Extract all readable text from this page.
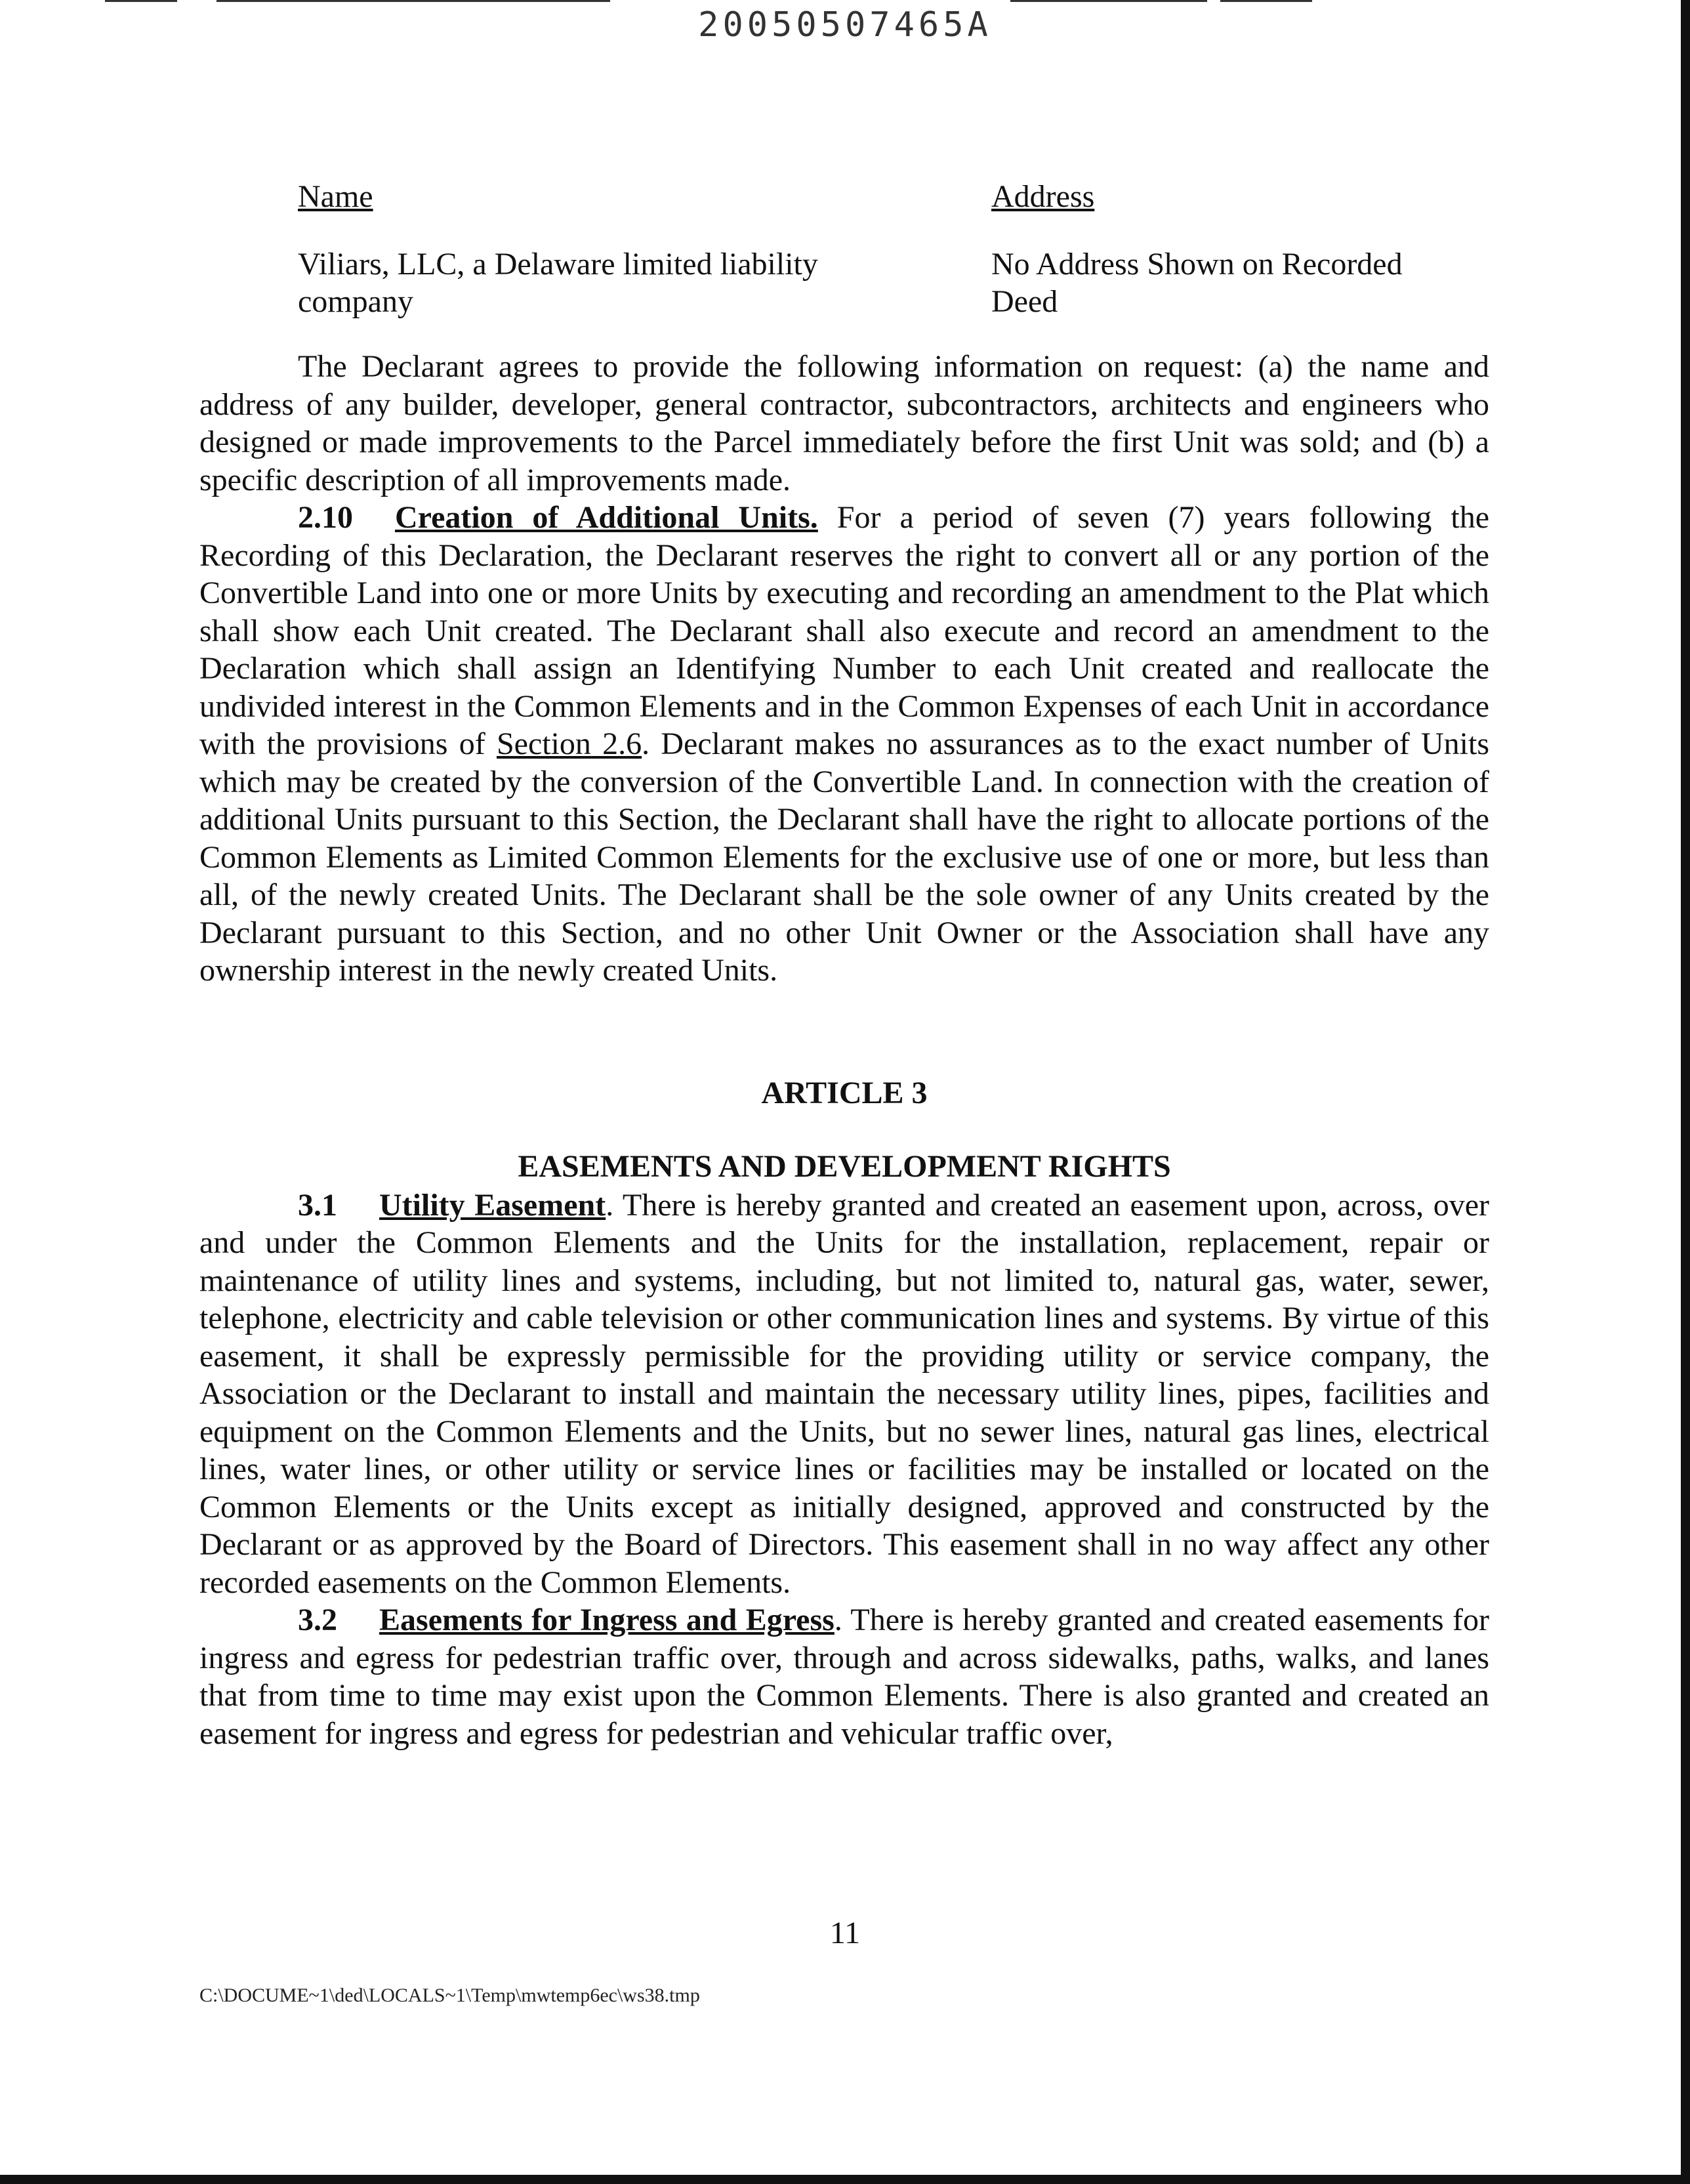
20050507465A
Name
Viliars, LLC, a Delaware limited liability company
Address
No Address Shown on Recorded Deed

The Declarant agrees to provide the following information on request: (a) the name and address of any builder, developer, general contractor, subcontractors, architects and engineers who designed or made improvements to the Parcel immediately before the first Unit was sold; and (b) a specific description of all improvements made.

2.10 Creation of Additional Units. For a period of seven (7) years following the Recording of this Declaration, the Declarant reserves the right to convert all or any portion of the Convertible Land into one or more Units by executing and recording an amendment to the Plat which shall show each Unit created. The Declarant shall also execute and record an amendment to the Declaration which shall assign an Identifying Number to each Unit created and reallocate the undivided interest in the Common Elements and in the Common Expenses of each Unit in accordance with the provisions of Section 2.6. Declarant makes no assurances as to the exact number of Units which may be created by the conversion of the Convertible Land. In connection with the creation of additional Units pursuant to this Section, the Declarant shall have the right to allocate portions of the Common Elements as Limited Common Elements for the exclusive use of one or more, but less than all, of the newly created Units. The Declarant shall be the sole owner of any Units created by the Declarant pursuant to this Section, and no other Unit Owner or the Association shall have any ownership interest in the newly created Units.

ARTICLE 3
EASEMENTS AND DEVELOPMENT RIGHTS

3.1 Utility Easement. There is hereby granted and created an easement upon, across, over and under the Common Elements and the Units for the installation, replacement, repair or maintenance of utility lines and systems, including, but not limited to, natural gas, water, sewer, telephone, electricity and cable television or other communication lines and systems. By virtue of this easement, it shall be expressly permissible for the providing utility or service company, the Association or the Declarant to install and maintain the necessary utility lines, pipes, facilities and equipment on the Common Elements and the Units, but no sewer lines, natural gas lines, electrical lines, water lines, or other utility or service lines or facilities may be installed or located on the Common Elements or the Units except as initially designed, approved and constructed by the Declarant or as approved by the Board of Directors. This easement shall in no way affect any other recorded easements on the Common Elements.

3.2 Easements for Ingress and Egress. There is hereby granted and created easements for ingress and egress for pedestrian traffic over, through and across sidewalks, paths, walks, and lanes that from time to time may exist upon the Common Elements. There is also granted and created an easement for ingress and egress for pedestrian and vehicular traffic over,

11
C:\DOCUME~1\ded\LOCALS~1\Temp\mwtemp6ec\ws38.tmp
